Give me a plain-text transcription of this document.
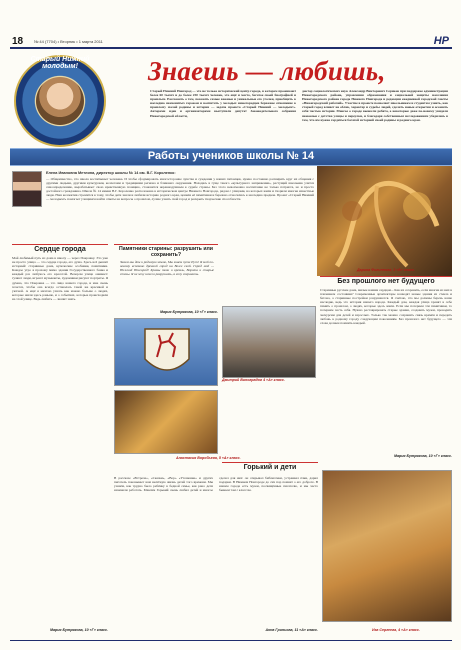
18	№ 44 (7704) • Вторник • 1 марта 2011	НР
Старый Нижний молодым!	Знаешь — любишь,
Старый Нижний Новгород — это не только исторический центр города, в котором проживают более 60 тысяч и до более 250 тысяч человек, это ещё и место, богатое своей биографией и прошлым. Рассказать о том, показать самые важные и уникальные его уголки, приобщить к наследию знаменитых горожан и воспитать у молодых нижегородцев бережное отношение к прошлому малой родины и истории — задача проекта «Старый Нижний — молодым!». Авторами идеи и организаторами выступили депутат Законодательного собрания Нижегородской области,
доктор социологических наук Александр Викторович Сериков при поддержке администрации Нижегородского района, управления образования и социальной защиты населения Нижегородского района города Нижнего Новгорода и редакции ежедневной городской газеты «Нижегородский рабочий». Участие в проекте позволяет школьникам и студентам узнать, как старый город влияет на облик, характер и судьбы людей, сделать новые открытия и осознать себя частью истории. Многое о городе вынесли ребята, а некоторые даже по-новому увидели знакомые с детства улицы и переулки, и благодаря собственным исследованиям убедились в том, что им нужно гордиться богатой историей своей родины и родного края.
Работы учеников школы № 14
Елена Ивановна Метлина, директор школы № 14 им. В.Г. Короленко:
— Общеизвестно, что школа воспитывает человека. И чтобы сформировать многосторонне чувства и суждения у наших питомцев, нужно постоянно расширять круг их общения с другими людьми, другими культурами, коллегами и традициями региона и ближнего окружения. Находясь в гуще такого «культурного напряжения», растущий школьник учится самоопределению, вырабатывает свою нравственную позицию, становится неравнодушным к судьбе страны. Без этого невозможно воспитание не только патриота, но и просто достойного гражданина. Школа № 14 имени В.Г. Короленко расположена в историческом центре Нижнего Новгорода, рядом с улицами, на которых жили и творили многие известные люди. Наш коллектив стремится к тому, чтобы дети знали и любили историю родного края, ценили её памятники и бережно относились к наследию предков. Проект «Старый Нижний — молодым!» помогает учащимся найти ответы на вопросы о прошлом, лучше узнать свой город и раскрыть творческие способности.
Дарина Филиппова, 3 «Б» класс.
Сердце города
Мой любимый путь из дома в школу — через Покровку. Это уже не просто улица — это сердце города, его душа. Здесь всё дышит историей: старинные дома, купеческие особняки, памятники. Каждое утро я прохожу мимо здания Государственного банка и каждый раз любуюсь его красотой. Вечером улица оживает: гуляют люди, играют музыканты, художники рисуют портреты. Я думаю, что Покровка — это лицо нашего города, и мне очень хочется, чтобы она всегда оставалась такой же красивой и уютной. А ещё я мечтаю узнать как можно больше о людях, которые жили здесь раньше, и о событиях, которые происходили на этой улице. Ведь любить — значит знать.
Мария Бутрякова, 10 «Г» класс.
Памятники старины: разрушить или сохранить?
Знаем мы дом и родимую землю, Мы знаем пути Руси! Я мой по-новому вспомню древний город на Волге свой. Город мой — Нижний Новгород! Храмы твои и кремль, Ворота и старые стены. Я не хочу ничего разрушать, я хочу сохранить.
Мария Бутрякова, 10 «Г» класс.
Дмитрий Виноградов 4 «А» класс.
Анастасия Воробьева, 5 «А» класс.
Без прошлого нет будущего
Старинные русские дома, милые нашим сердцам... Как их сохранить, если многие из них в плачевном состоянии? Современные архитекторы возводят новые здания из стекла и бетона, а старинные постройки разрушаются. Я считаю, что мы должны беречь наше наследие, ведь это история нашего народа. Каждый дом, каждая улица хранят в себе память о прошлом, о людях, которые здесь жили. Если мы потеряем эти памятники, то потеряем часть себя. Нужно реставрировать старые здания, создавать музеи, проводить экскурсии для детей и взрослых. Только так можно сохранить связь времён и передать любовь к родному городу следующим поколениям. Без прошлого нет будущего — эти слова должен помнить каждый.
Мария Бутрякова, 10 «Г» класс.
Горький и дети
В рассказе «Встреча», «Сказки», «Вор» «Утешение» и других писатель показывает нам нелёгкую жизнь детей того времени. Мы узнаём, как трудно было ребёнку в бедной семье, как рано дети начинали работать. Максим Горький очень любил детей и многое сделал для них: он открывал библиотеки, устраивал ёлки, дарил подарки. В Нижнем Новгороде до сих пор помнят о его доброте. В нашем городе есть музеи, посвящённые писателю, и мы часто бываем там с классом.
Анна Гриньова, 11 «А» класс.	Иза Сергеева, 4 «А» класс.
